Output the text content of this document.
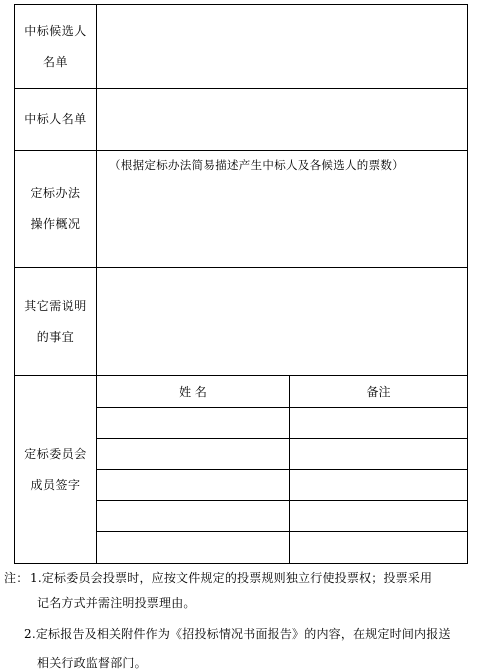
中标候选人
名单
中标人名单
定标办法
操作概况
（根据定标办法简易描述产生中标人及各候选人的票数）
其它需说明
的事宜
定标委员会
成员签字
姓 名	备注
注： 1.定标委员会投票时，应按文件规定的投票规则独立行使投票权；投票采用
记名方式并需注明投票理由。
2.定标报告及相关附件作为《招投标情况书面报告》的内容，在规定时间内报送
相关行政监督部门。
